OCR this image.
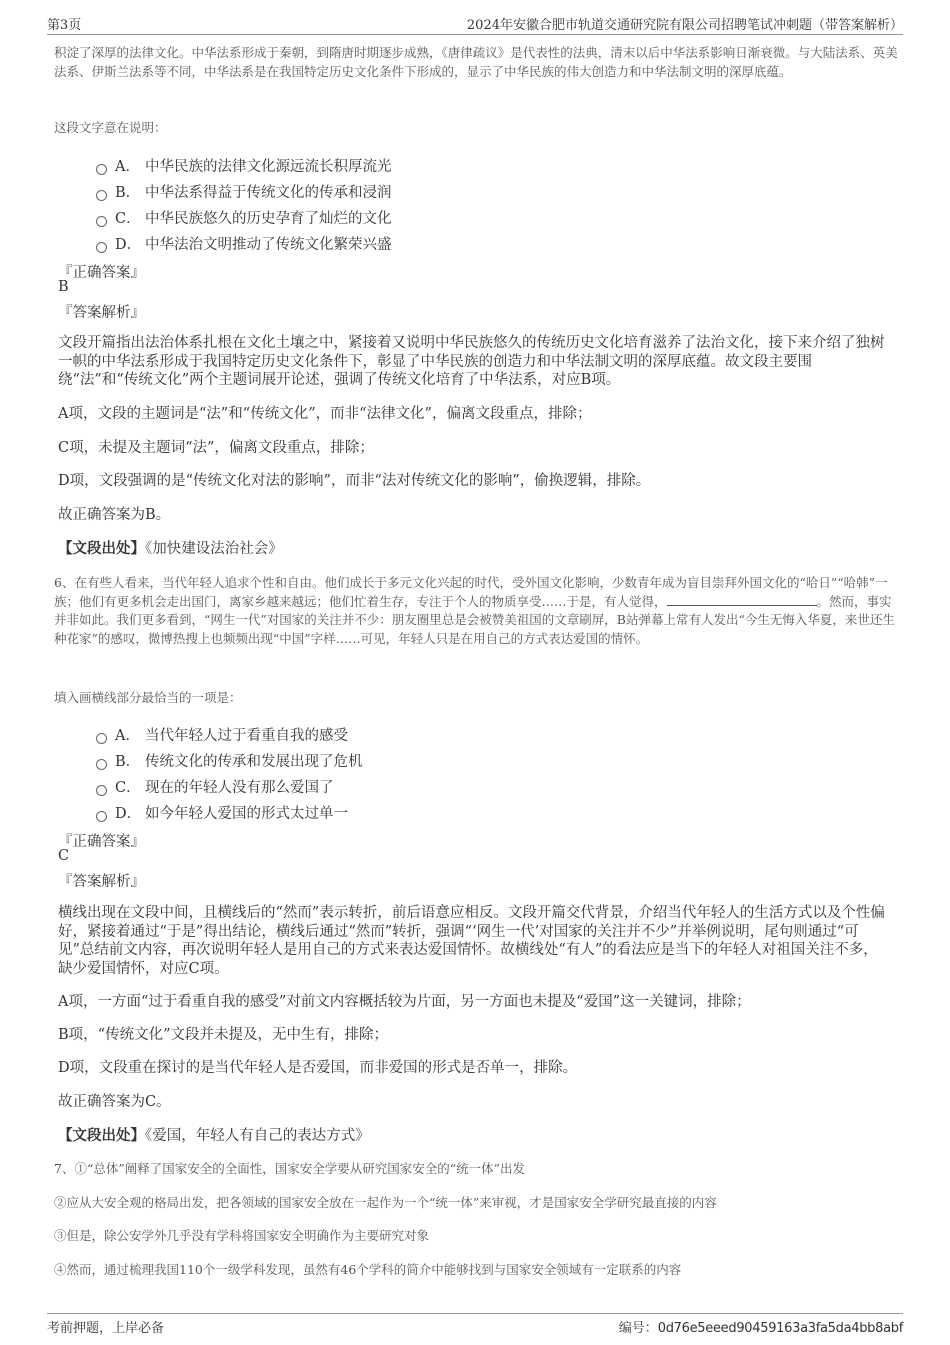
第3页	2024年安徽合肥市轨道交通研究院有限公司招聘笔试冲刺题（带答案解析）
积淀了深厚的法律文化。中华法系形成于秦朝，到隋唐时期逐步成熟，《唐律疏议》是代表性的法典，清末以后中华法系影响日渐衰微。与大陆法系、英美法系、伊斯兰法系等不同，中华法系是在我国特定历史文化条件下形成的，显示了中华民族的伟大创造力和中华法制文明的深厚底蕴。
这段文字意在说明：
A． 中华民族的法律文化源远流长积厚流光
B． 中华法系得益于传统文化的传承和浸润
C． 中华民族悠久的历史孕育了灿烂的文化
D． 中华法治文明推动了传统文化繁荣兴盛
『正确答案』
B
『答案解析』
文段开篇指出法治体系扎根在文化土壤之中，紧接着又说明中华民族悠久的传统历史文化培育滋养了法治文化，接下来介绍了独树一帜的中华法系形成于我国特定历史文化条件下，彰显了中华民族的创造力和中华法制文明的深厚底蕴。故文段主要围绕“法”和“传统文化”两个主题词展开论述，强调了传统文化培育了中华法系，对应B项。
A项，文段的主题词是“法”和“传统文化”，而非“法律文化”，偏离文段重点，排除；
C项，未提及主题词“法”，偏离文段重点，排除；
D项，文段强调的是“传统文化对法的影响”，而非“法对传统文化的影响”，偷换逻辑，排除。
故正确答案为B。
【文段出处】《加快建设法治社会》
6、在有些人看来，当代年轻人追求个性和自由。他们成长于多元文化兴起的时代，受外国文化影响，少数青年成为盲目崇拜外国文化的“哈日”“哈韩”一族；他们有更多机会走出国门，离家乡越来越远；他们忙着生存，专注于个人的物质享受……于是，有人觉得，	。然而，事实并非如此。我们更多看到，“网生一代”对国家的关注并不少：朋友圈里总是会被赞美祖国的文章刷屏，B站弹幕上常有人发出“今生无悔入华夏，来世还生种花家”的感叹，微博热搜上也频频出现“中国”字样……可见，年轻人只是在用自己的方式表达爱国的情怀。
填入画横线部分最恰当的一项是：
A． 当代年轻人过于看重自我的感受
B． 传统文化的传承和发展出现了危机
C． 现在的年轻人没有那么爱国了
D． 如今年轻人爱国的形式太过单一
『正确答案』
C
『答案解析』
横线出现在文段中间，且横线后的“然而”表示转折，前后语意应相反。文段开篇交代背景，介绍当代年轻人的生活方式以及个性偏好，紧接着通过“于是”得出结论，横线后通过“然而”转折，强调“‘网生一代’对国家的关注并不少”并举例说明，尾句则通过“可见”总结前文内容，再次说明年轻人是用自己的方式来表达爱国情怀。故横线处“有人”的看法应是当下的年轻人对祖国关注不多，缺少爱国情怀，对应C项。
A项，一方面“过于看重自我的感受”对前文内容概括较为片面，另一方面也未提及“爱国”这一关键词，排除；
B项，“传统文化”文段并未提及，无中生有，排除；
D项，文段重在探讨的是当代年轻人是否爱国，而非爱国的形式是否单一，排除。
故正确答案为C。
【文段出处】《爱国，年轻人有自己的表达方式》
7、①“总体”阐释了国家安全的全面性，国家安全学要从研究国家安全的“统一体”出发
②应从大安全观的格局出发，把各领域的国家安全放在一起作为一个“统一体”来审视，才是国家安全学研究最直接的内容
③但是，除公安学外几乎没有学科将国家安全明确作为主要研究对象
④然而，通过梳理我国110个一级学科发现，虽然有46个学科的简介中能够找到与国家安全领域有一定联系的内容
考前押题，上岸必备	编号：0d76e5eeed90459163a3fa5da4bb8abf
